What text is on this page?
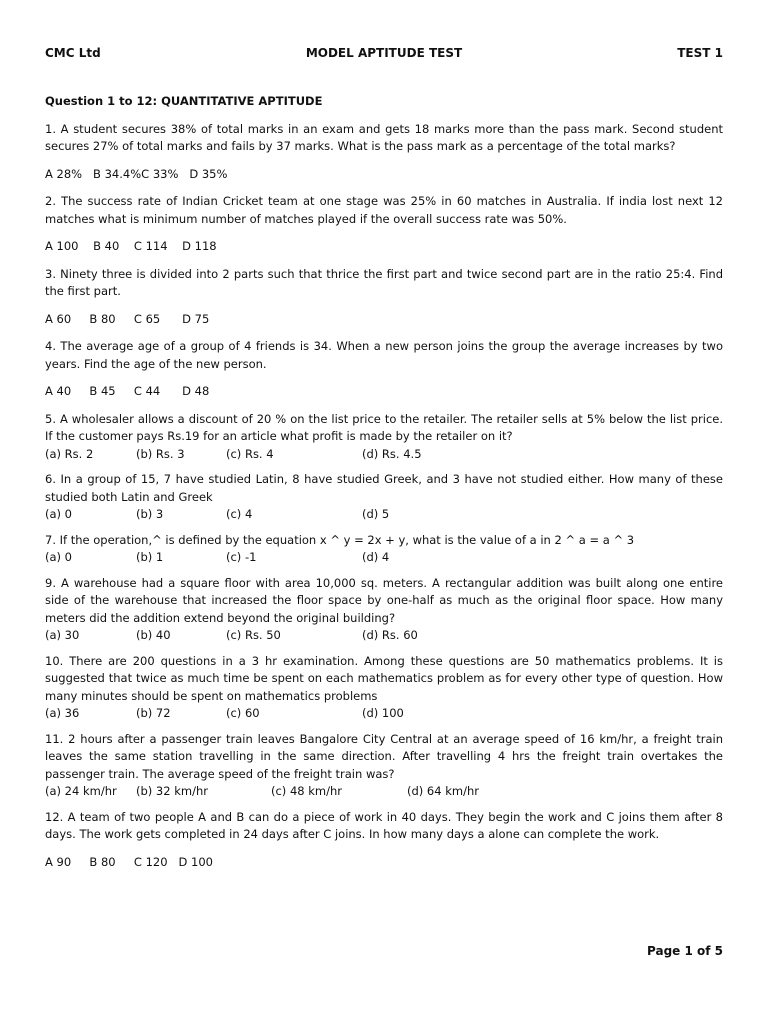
CMC Ltd	MODEL APTITUDE TEST	TEST 1
Question 1 to 12: QUANTITATIVE APTITUDE
1. A student secures 38% of total marks in an exam and gets 18 marks more than the pass mark. Second student secures 27% of total marks and fails by 37 marks. What is the pass mark as a percentage of the total marks?
A 28%   B 34.4%C 33%   D 35%
2. The success rate of Indian Cricket team at one stage was 25% in 60 matches in Australia. If india lost next 12 matches what is minimum number of matches played if the overall success rate was 50%.
A 100    B 40    C 114    D 118
3. Ninety three is divided into 2 parts such that thrice the first part and twice second part are in the ratio 25:4. Find the first part.
A 60     B 80     C 65      D 75
4. The average age of a group of 4 friends is 34. When a new person joins the group the average increases by two years. Find the age of the new person.
A 40     B 45     C 44      D 48
5. A wholesaler allows a discount of 20 % on the list price to the retailer. The retailer sells at 5% below the list price. If the customer pays Rs.19 for an article what profit is made by the retailer on it?
(a) Rs. 2	(b) Rs. 3	(c) Rs. 4	(d) Rs. 4.5
6. In a group of 15, 7 have studied Latin, 8 have studied Greek, and 3 have not studied either. How many of these studied both Latin and Greek
(a) 0	(b) 3	(c) 4	(d) 5
7. If the operation,^ is defined by the equation x ^ y = 2x + y, what is the value of a in 2 ^ a = a ^ 3
(a) 0	(b) 1	(c) -1	(d) 4
9. A warehouse had a square floor with area 10,000 sq. meters. A rectangular addition was built along one entire side of the warehouse that increased the floor space by one-half as much as the original floor space. How many meters did the addition extend beyond the original building?
(a) 30	(b) 40	(c) Rs. 50	(d) Rs. 60
10. There are 200 questions in a 3 hr examination. Among these questions are 50 mathematics problems. It is suggested that twice as much time be spent on each mathematics problem as for every other type of question. How many minutes should be spent on mathematics problems
(a) 36	(b) 72	(c) 60	(d) 100
11. 2 hours after a passenger train leaves Bangalore City Central at an average speed of 16 km/hr, a freight train leaves the same station travelling in the same direction. After travelling 4 hrs the freight train overtakes the passenger train. The average speed of the freight train was?
(a) 24 km/hr (b) 32 km/hr	(c) 48 km/hr	(d) 64 km/hr
12. A team of two people A and B can do a piece of work in 40 days. They begin the work and C joins them after 8 days. The work gets completed in 24 days after C joins. In how many days a alone can complete the work.
A 90     B 80     C 120   D 100
Page 1 of 5
